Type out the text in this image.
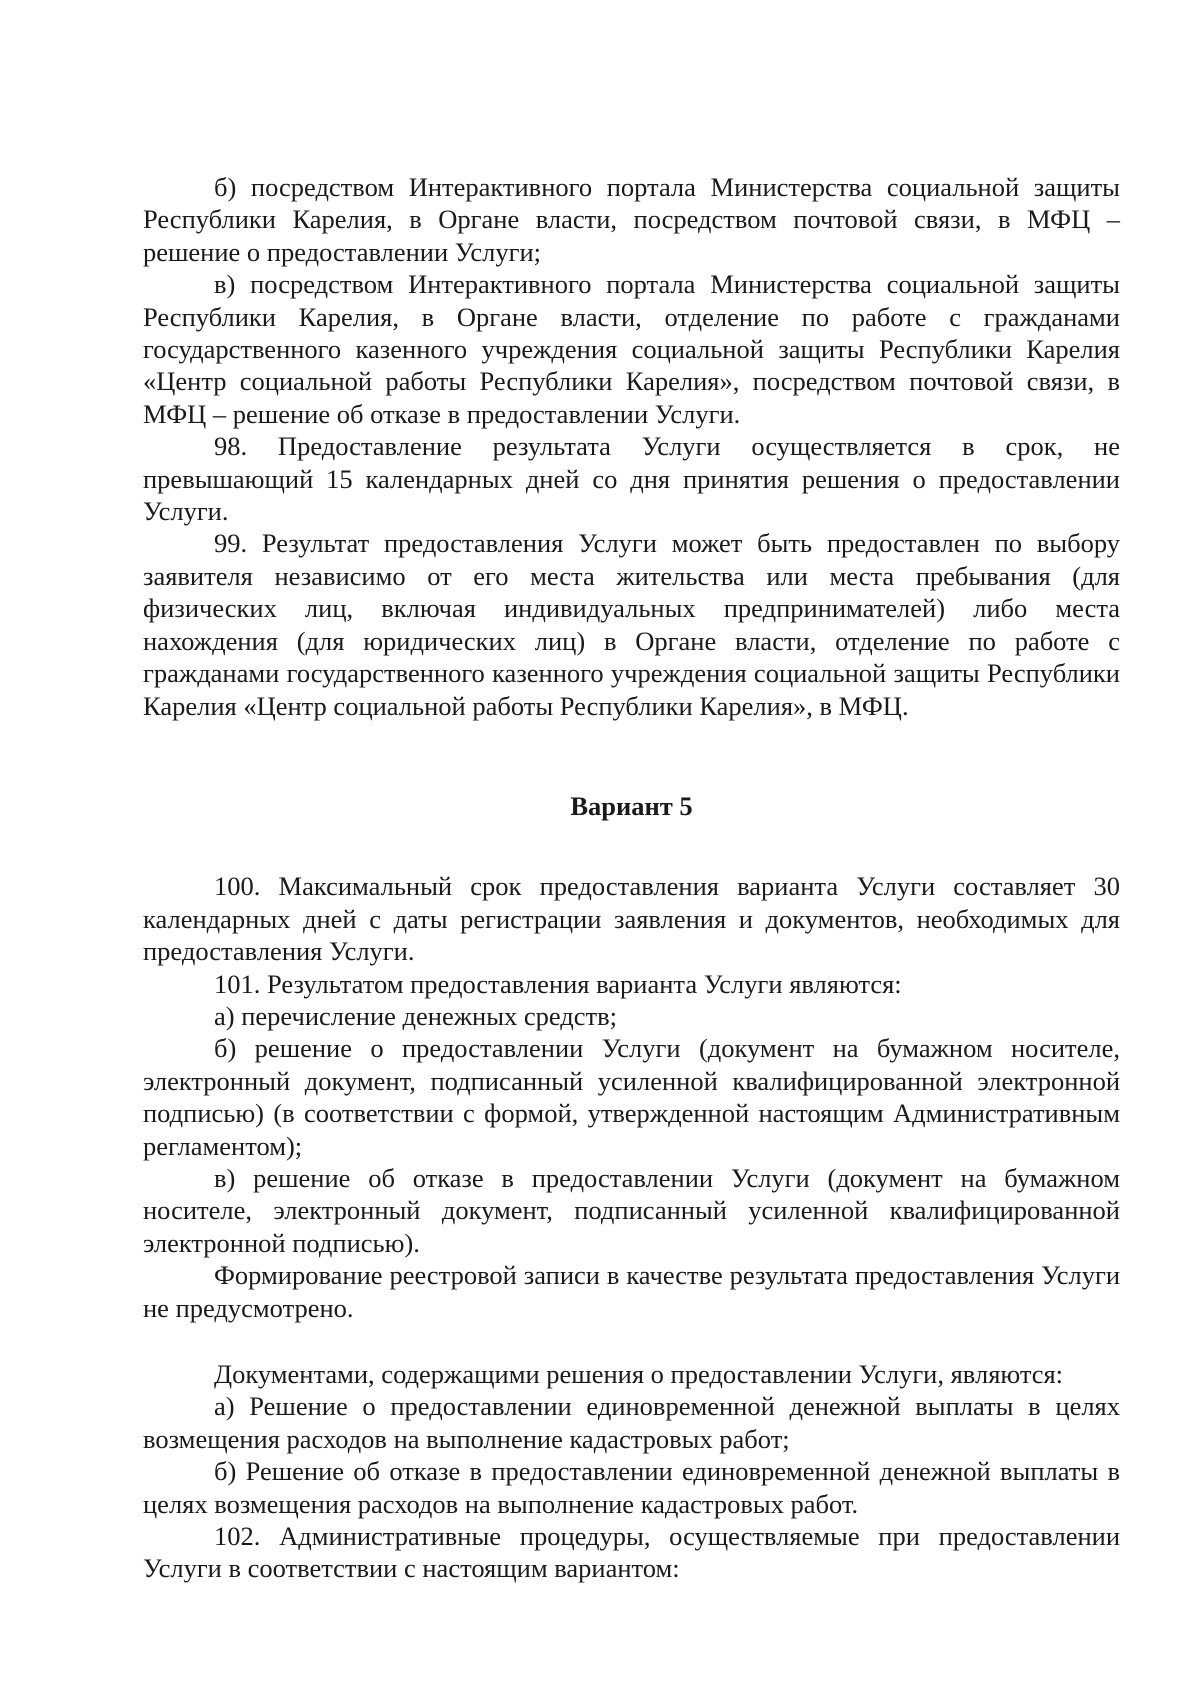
б) посредством Интерактивного портала Министерства социальной защиты Республики Карелия, в Органе власти, посредством почтовой связи, в МФЦ – решение о предоставлении Услуги;

в) посредством Интерактивного портала Министерства социальной защиты Республики Карелия, в Органе власти, отделение по работе с гражданами государственного казенного учреждения социальной защиты Республики Карелия «Центр социальной работы Республики Карелия», посредством почтовой связи, в МФЦ – решение об отказе в предоставлении Услуги.

98. Предоставление результата Услуги осуществляется в срок, не превышающий 15 календарных дней со дня принятия решения о предоставлении Услуги.

99. Результат предоставления Услуги может быть предоставлен по выбору заявителя независимо от его места жительства или места пребывания (для физических лиц, включая индивидуальных предпринимателей) либо места нахождения (для юридических лиц) в Органе власти, отделение по работе с гражданами государственного казенного учреждения социальной защиты Республики Карелия «Центр социальной работы Республики Карелия», в МФЦ.

Вариант 5

100. Максимальный срок предоставления варианта Услуги составляет 30 календарных дней с даты регистрации заявления и документов, необходимых для предоставления Услуги.

101. Результатом предоставления варианта Услуги являются:

а) перечисление денежных средств;

б) решение о предоставлении Услуги (документ на бумажном носителе, электронный документ, подписанный усиленной квалифицированной электронной подписью) (в соответствии с формой, утвержденной настоящим Административным регламентом);

в) решение об отказе в предоставлении Услуги (документ на бумажном носителе, электронный документ, подписанный усиленной квалифицированной электронной подписью).

Формирование реестровой записи в качестве результата предоставления Услуги не предусмотрено.

Документами, содержащими решения о предоставлении Услуги, являются:

а) Решение о предоставлении единовременной денежной выплаты в целях возмещения расходов на выполнение кадастровых работ;

б) Решение об отказе в предоставлении единовременной денежной выплаты в целях возмещения расходов на выполнение кадастровых работ.

102. Административные процедуры, осуществляемые при предоставлении Услуги в соответствии с настоящим вариантом:
